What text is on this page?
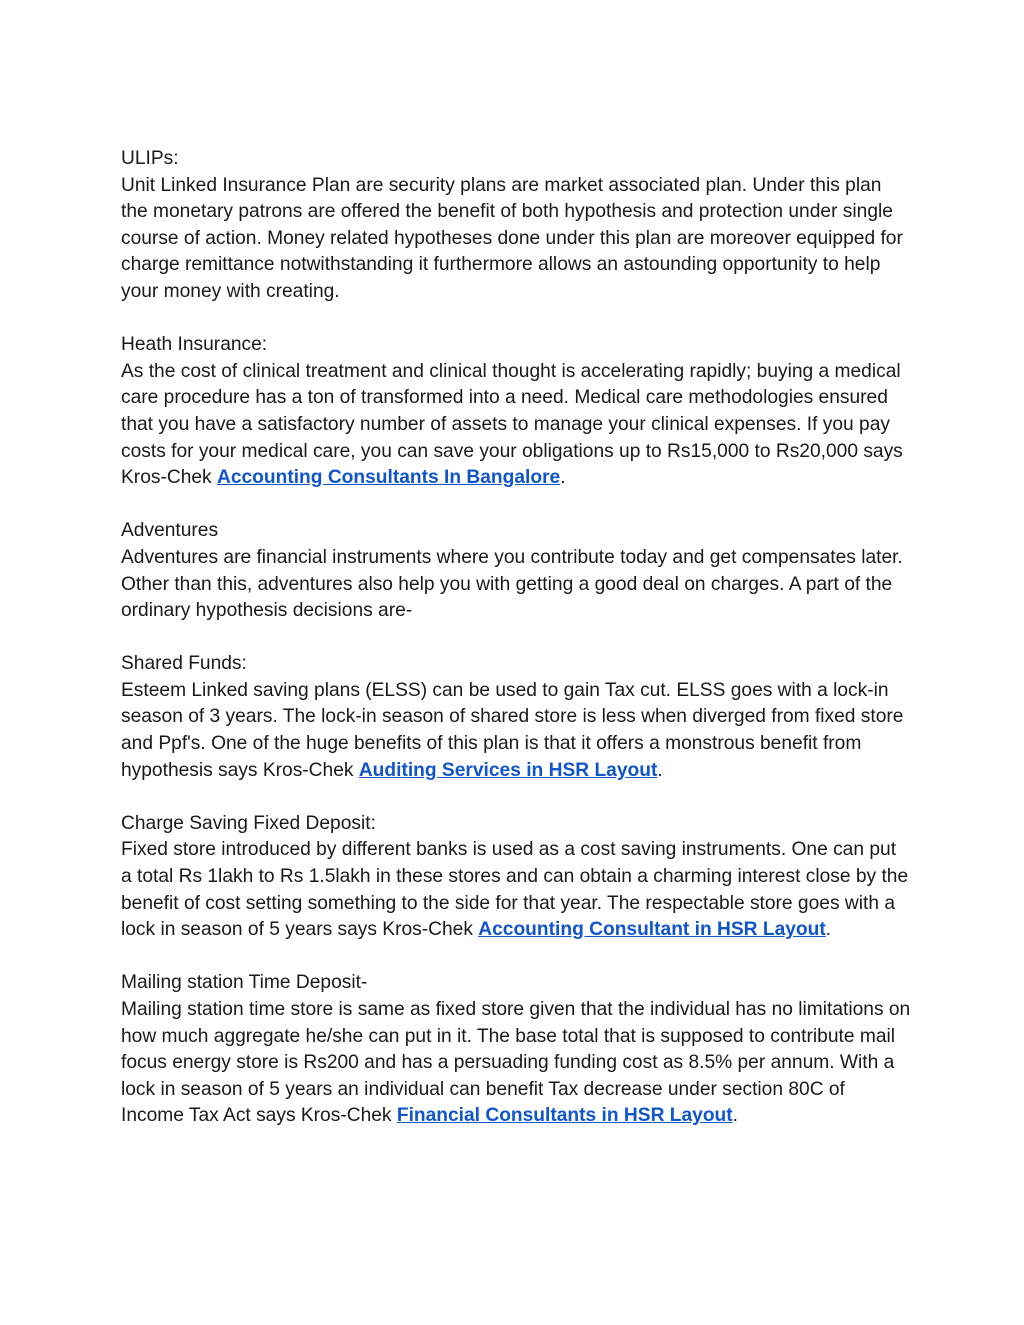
ULIPs:

Unit Linked Insurance Plan are security plans are market associated plan. Under this plan the monetary patrons are offered the benefit of both hypothesis and protection under single course of action. Money related hypotheses done under this plan are moreover equipped for charge remittance notwithstanding it furthermore allows an astounding opportunity to help your money with creating.

Heath Insurance:

As the cost of clinical treatment and clinical thought is accelerating rapidly; buying a medical care procedure has a ton of transformed into a need. Medical care methodologies ensured that you have a satisfactory number of assets to manage your clinical expenses. If you pay costs for your medical care, you can save your obligations up to Rs15,000 to Rs20,000 says Kros-Chek Accounting Consultants In Bangalore.

Adventures

Adventures are financial instruments where you contribute today and get compensates later. Other than this, adventures also help you with getting a good deal on charges. A part of the ordinary hypothesis decisions are-

Shared Funds:

Esteem Linked saving plans (ELSS) can be used to gain Tax cut. ELSS goes with a lock-in season of 3 years. The lock-in season of shared store is less when diverged from fixed store and Ppf's. One of the huge benefits of this plan is that it offers a monstrous benefit from hypothesis says Kros-Chek Auditing Services in HSR Layout.

Charge Saving Fixed Deposit:

Fixed store introduced by different banks is used as a cost saving instruments. One can put a total Rs 1lakh to Rs 1.5lakh in these stores and can obtain a charming interest close by the benefit of cost setting something to the side for that year. The respectable store goes with a lock in season of 5 years says Kros-Chek Accounting Consultant in HSR Layout.

Mailing station Time Deposit-

Mailing station time store is same as fixed store given that the individual has no limitations on how much aggregate he/she can put in it. The base total that is supposed to contribute mail focus energy store is Rs200 and has a persuading funding cost as 8.5% per annum. With a lock in season of 5 years an individual can benefit Tax decrease under section 80C of Income Tax Act says Kros-Chek Financial Consultants in HSR Layout.
